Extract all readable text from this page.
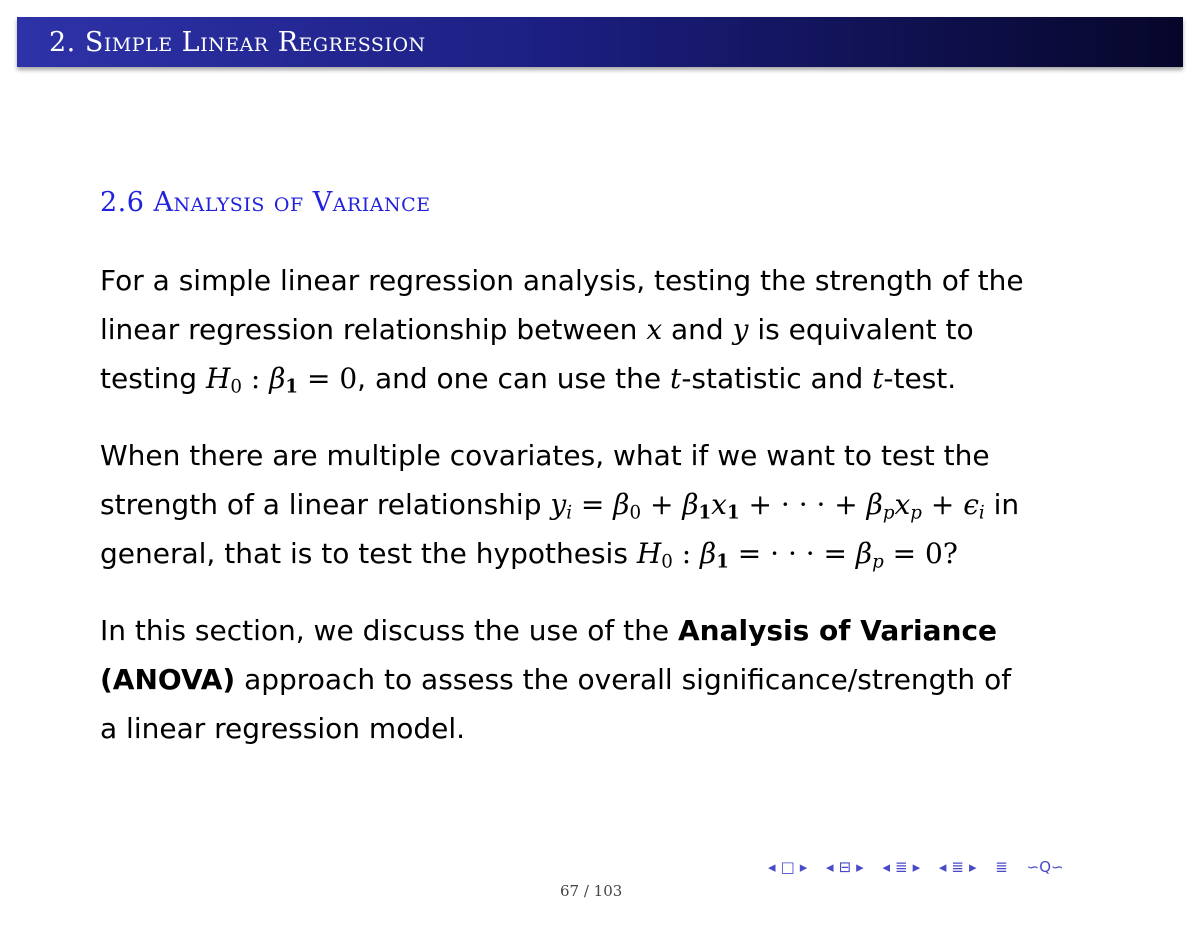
2. Simple Linear Regression
2.6 Analysis of Variance
For a simple linear regression analysis, testing the strength of the
linear regression relationship between x and y is equivalent to
testing $H_0$ : $\beta_1 = 0$, and one can use the t-statistic and t-test.
When there are multiple covariates, what if we want to test the
strength of a linear relationship $y_i = \beta_0 + \beta_1x_1$ + · · · + $\beta_px_p + \epsilon_i$ in
general, that is to test the hypothesis $H_0$ : $\beta_1$ = · · · = $\beta_p = 0$?
In this section, we discuss the use of the Analysis of Variance
(ANOVA) approach to assess the overall significance/strength of
a linear regression model.
◂ □ ▸ ◂ ⊟ ▸ ◂ ≣ ▸ ◂ ≣ ▸ ≣ ∽Q∽
67 / 103
